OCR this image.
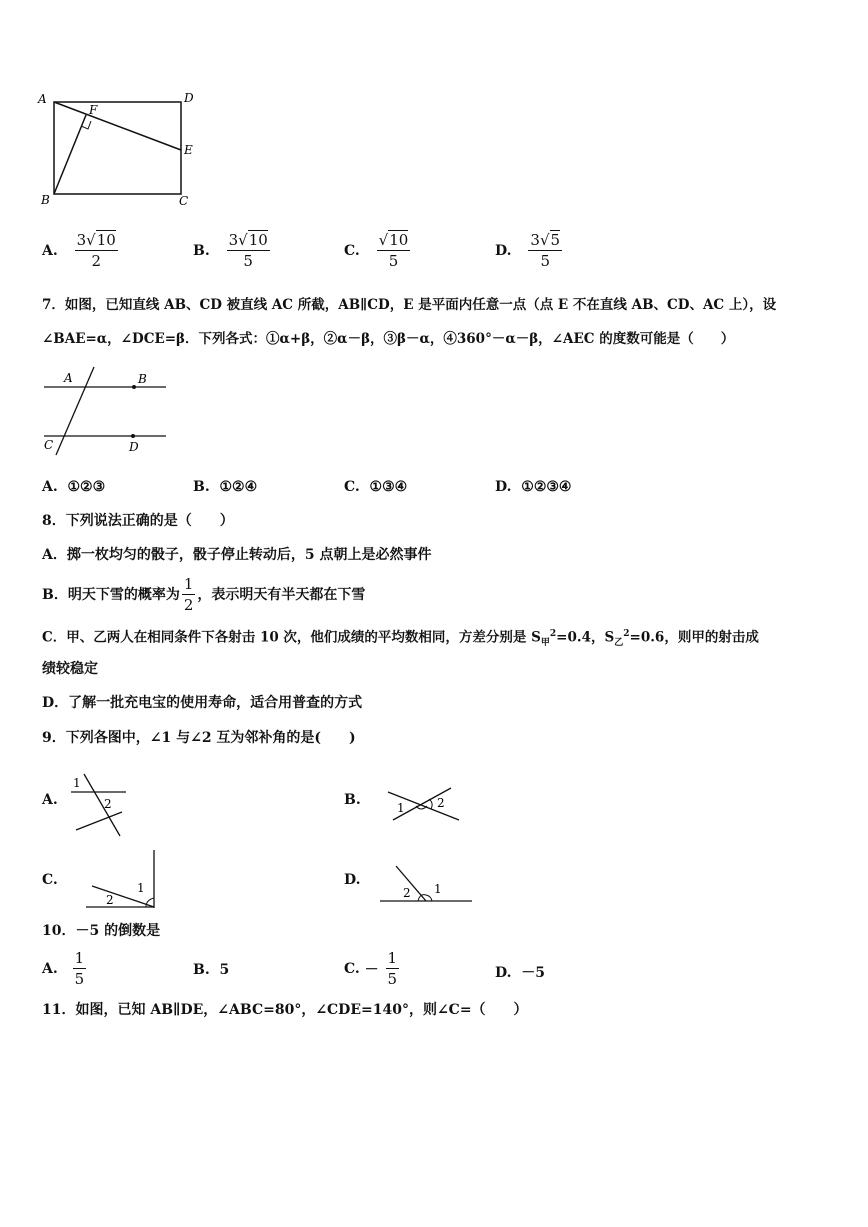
A
F
D
E
B	C
A. $\frac{3√10}{2}$	B. $\frac{3√10}{5}$	C. $\frac{√10}{5}$	D. $\frac{3√5}{5}$
7．如图，已知直线 AB、CD 被直线 AC 所截，AB∥CD，E 是平面内任意一点（点 E 不在直线 AB、CD、AC 上），设
∠BAE=α，∠DCE=β．下列各式：①α+β，②α－β，③β－α，④360°－α－β，∠AEC 的度数可能是（　　）
A	B
C	D
A. ①②③	B. ①②④	C. ①③④	D. ①②③④
8．下列说法正确的是（　　）
A．掷一枚均匀的骰子，骰子停止转动后，5 点朝上是必然事件
B．明天下雪的概率为 $\frac{1}{2}$ ，表示明天有半天都在下雪
C．甲、乙两人在相同条件下各射击 10 次，他们成绩的平均数相同，方差分别是 $S_甲^2=0.4$，$S_乙^2=0.6$，则甲的射击成
绩较稳定
D．了解一批充电宝的使用寿命，适合用普查的方式
9．下列各图中，∠1 与∠2 互为邻补角的是(　　)
A.
1
2	B.	1	2
C.	1
2
D.
1
2
10．－5 的倒数是
A. $\frac{1}{5}$	B. 5	C. － $\frac{1}{5}$	D. －5
11．如图，已知 AB∥DE，∠ABC=80°，∠CDE=140°，则∠C=（　　）
